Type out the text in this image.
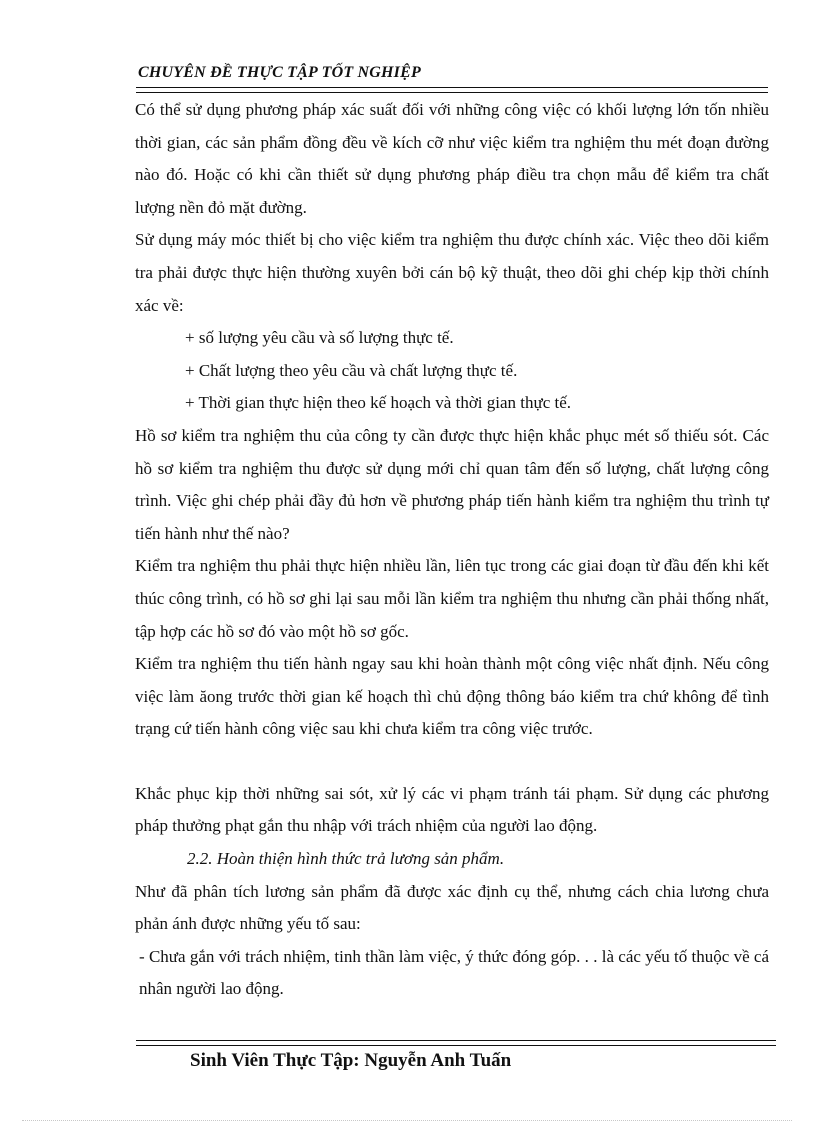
CHUYÊN ĐỀ THỰC TẬP TỐT NGHIỆP

Có thể sử dụng phương pháp xác suất đối với những công việc có khối lượng lớn tốn nhiều thời gian, các sản phẩm đồng đều về kích cỡ như việc kiểm tra nghiệm thu mét đoạn đường nào đó. Hoặc có khi cần thiết sử dụng phương pháp điều tra chọn mẫu để kiểm tra chất lượng nền đỏ mặt đường.

Sử dụng máy móc thiết bị cho việc kiểm tra nghiệm thu được chính xác. Việc theo dõi kiểm tra phải được thực hiện thường xuyên bởi cán bộ kỹ thuật, theo dõi ghi chép kịp thời chính xác về:

+ số lượng yêu cầu và số lượng thực tế.

+ Chất lượng theo yêu cầu và chất lượng thực tế.

+ Thời gian thực hiện theo kế hoạch và thời gian thực tế.

Hồ sơ kiểm tra nghiệm thu của công ty cần được thực hiện khắc phục mét số thiếu sót. Các hồ sơ kiểm tra nghiệm thu được sử dụng mới chỉ quan tâm đến số lượng, chất lượng công trình. Việc ghi chép phải đầy đủ hơn về phương pháp tiến hành kiểm tra nghiệm thu trình tự tiến hành như thế nào?

Kiểm tra nghiệm thu phải thực hiện nhiều lần, liên tục trong các giai đoạn từ đầu đến khi kết thúc công trình, có hồ sơ ghi lại sau mỗi lần kiểm tra nghiệm thu nhưng cần phải thống nhất, tập hợp các hồ sơ đó vào một hồ sơ gốc.

Kiểm tra nghiệm thu tiến hành ngay sau khi hoàn thành một công việc nhất định. Nếu công việc làm ăong trước thời gian kế hoạch thì chủ động thông báo kiểm tra chứ không để tình trạng cứ tiến hành công việc sau khi chưa kiểm tra công việc trước.

Khắc phục kịp thời những sai sót, xử lý các vi phạm tránh tái phạm. Sử dụng các phương pháp thưởng phạt gắn thu nhập với trách nhiệm của người lao động.

2.2. Hoàn thiện hình thức trả lương sản phẩm.

Như đã phân tích lương sản phẩm đã được xác định cụ thể, nhưng cách chia lương chưa phản ánh được những yếu tố sau:

- Chưa gắn với trách nhiệm, tinh thần làm việc, ý thức đóng góp. . . là các yếu tố thuộc về cá nhân người lao động.

Sinh Viên Thực Tập: Nguyễn Anh Tuấn
